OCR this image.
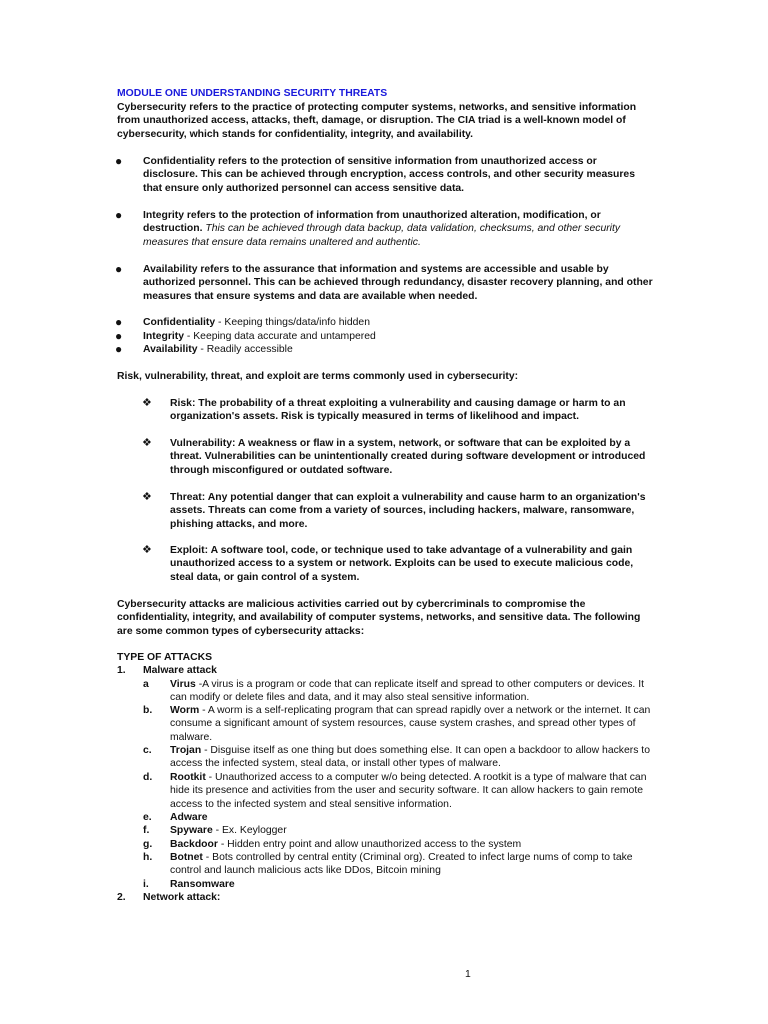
MODULE ONE UNDERSTANDING SECURITY THREATS
Cybersecurity refers to the practice of protecting computer systems, networks, and sensitive information from unauthorized access, attacks, theft, damage, or disruption. The CIA triad is a well-known model of cybersecurity, which stands for confidentiality, integrity, and availability.
● Confidentiality refers to the protection of sensitive information from unauthorized access or disclosure. This can be achieved through encryption, access controls, and other security measures that ensure only authorized personnel can access sensitive data.
● Integrity refers to the protection of information from unauthorized alteration, modification, or destruction. This can be achieved through data backup, data validation, checksums, and other security measures that ensure data remains unaltered and authentic.
● Availability refers to the assurance that information and systems are accessible and usable by authorized personnel. This can be achieved through redundancy, disaster recovery planning, and other measures that ensure systems and data are available when needed.
● Confidentiality - Keeping things/data/info hidden
● Integrity - Keeping data accurate and untampered
● Availability - Readily accessible
Risk, vulnerability, threat, and exploit are terms commonly used in cybersecurity:
❖ Risk: The probability of a threat exploiting a vulnerability and causing damage or harm to an organization's assets. Risk is typically measured in terms of likelihood and impact.
❖ Vulnerability: A weakness or flaw in a system, network, or software that can be exploited by a threat. Vulnerabilities can be unintentionally created during software development or introduced through misconfigured or outdated software.
❖ Threat: Any potential danger that can exploit a vulnerability and cause harm to an organization's assets. Threats can come from a variety of sources, including hackers, malware, ransomware, phishing attacks, and more.
❖ Exploit: A software tool, code, or technique used to take advantage of a vulnerability and gain unauthorized access to a system or network. Exploits can be used to execute malicious code, steal data, or gain control of a system.
Cybersecurity attacks are malicious activities carried out by cybercriminals to compromise the confidentiality, integrity, and availability of computer systems, networks, and sensitive data. The following are some common types of cybersecurity attacks:
TYPE OF ATTACKS
1. Malware attack
a Virus -A virus is a program or code that can replicate itself and spread to other computers or devices. It can modify or delete files and data, and it may also steal sensitive information.
b. Worm - A worm is a self-replicating program that can spread rapidly over a network or the internet. It can consume a significant amount of system resources, cause system crashes, and spread other types of malware.
c. Trojan - Disguise itself as one thing but does something else. It can open a backdoor to allow hackers to access the infected system, steal data, or install other types of malware.
d. Rootkit - Unauthorized access to a computer w/o being detected. A rootkit is a type of malware that can hide its presence and activities from the user and security software. It can allow hackers to gain remote access to the infected system and steal sensitive information.
e. Adware
f. Spyware - Ex. Keylogger
g. Backdoor - Hidden entry point and allow unauthorized access to the system
h. Botnet - Bots controlled by central entity (Criminal org). Created to infect large nums of comp to take control and launch malicious acts like DDos, Bitcoin mining
i. Ransomware
2. Network attack:
1
